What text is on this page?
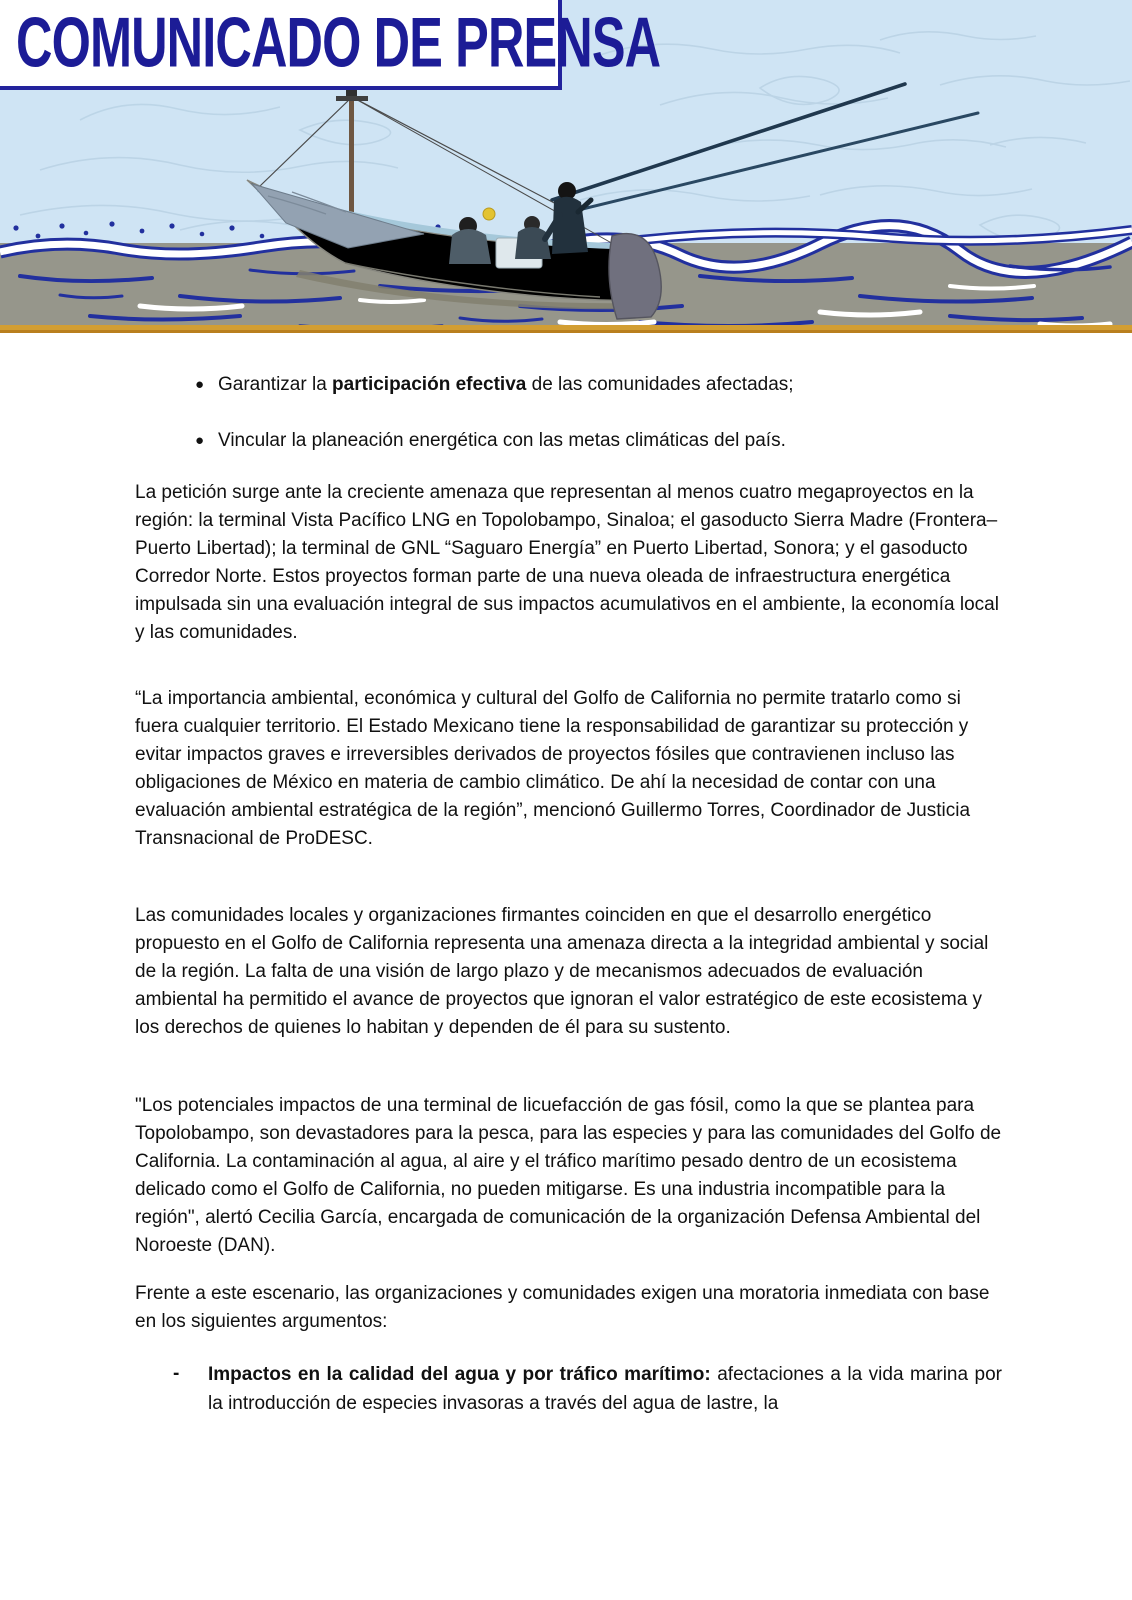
COMUNICADO DE PRENSA
● Garantizar la participación efectiva de las comunidades afectadas;
● Vincular la planeación energética con las metas climáticas del país.

La petición surge ante la creciente amenaza que representan al menos cuatro megaproyectos en la región: la terminal Vista Pacífico LNG en Topolobampo, Sinaloa; el gasoducto Sierra Madre (Frontera–Puerto Libertad); la terminal de GNL “Saguaro Energía” en Puerto Libertad, Sonora; y el gasoducto Corredor Norte. Estos proyectos forman parte de una nueva oleada de infraestructura energética impulsada sin una evaluación integral de sus impactos acumulativos en el ambiente, la economía local y las comunidades.

“La importancia ambiental, económica y cultural del Golfo de California no permite tratarlo como si fuera cualquier territorio. El Estado Mexicano tiene la responsabilidad de garantizar su protección y evitar impactos graves e irreversibles derivados de proyectos fósiles que contravienen incluso las obligaciones de México en materia de cambio climático. De ahí la necesidad de contar con una evaluación ambiental estratégica de la región”, mencionó Guillermo Torres, Coordinador de Justicia Transnacional de ProDESC.

Las comunidades locales y organizaciones firmantes coinciden en que el desarrollo energético propuesto en el Golfo de California representa una amenaza directa a la integridad ambiental y social de la región. La falta de una visión de largo plazo y de mecanismos adecuados de evaluación ambiental ha permitido el avance de proyectos que ignoran el valor estratégico de este ecosistema y los derechos de quienes lo habitan y dependen de él para su sustento.

"Los potenciales impactos de una terminal de licuefacción de gas fósil, como la que se plantea para Topolobampo, son devastadores para la pesca, para las especies y para las comunidades del Golfo de California. La contaminación al agua, al aire y el tráfico marítimo pesado dentro de un ecosistema delicado como el Golfo de California, no pueden mitigarse. Es una industria incompatible para la región", alertó Cecilia García, encargada de comunicación de la organización Defensa Ambiental del Noroeste (DAN).

Frente a este escenario, las organizaciones y comunidades exigen una moratoria inmediata con base en los siguientes argumentos:

-	Impactos en la calidad del agua y por tráfico marítimo: afectaciones a la vida marina por la introducción de especies invasoras a través del agua de lastre, la
